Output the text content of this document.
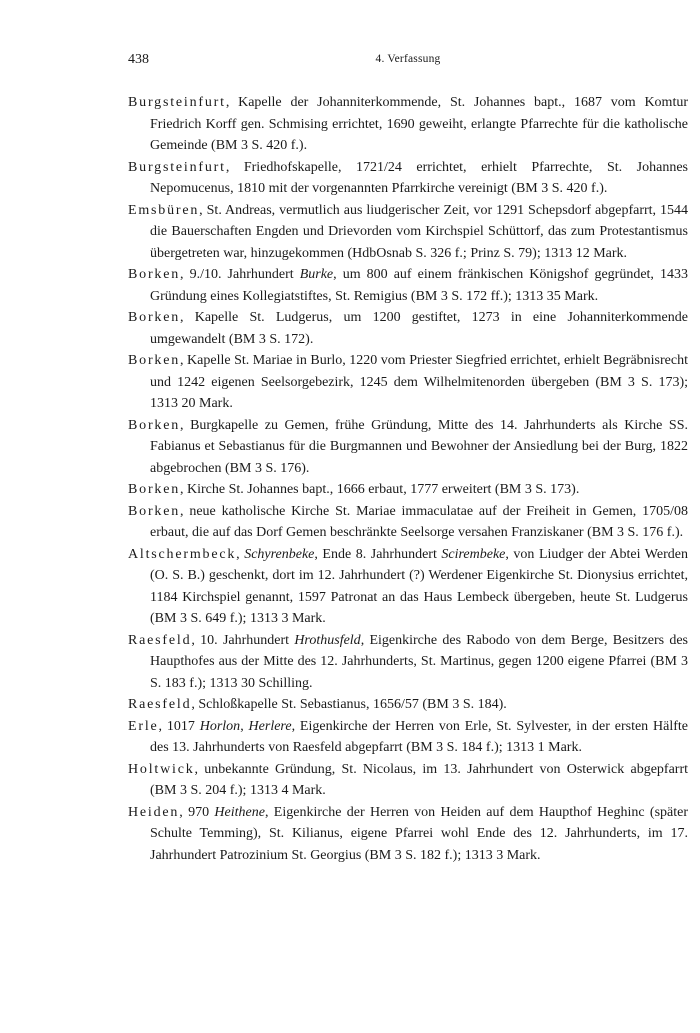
438	4. Verfassung

Burgsteinfurt, Kapelle der Johanniterkommende, St. Johannes bapt., 1687 vom Komtur Friedrich Korff gen. Schmising errichtet, 1690 geweiht, erlangte Pfarrechte für die katholische Gemeinde (BM 3 S. 420 f.).

Burgsteinfurt, Friedhofskapelle, 1721/24 errichtet, erhielt Pfarrechte, St. Johannes Nepomucenus, 1810 mit der vorgenannten Pfarrkirche vereinigt (BM 3 S. 420 f.).

Emsbüren, St. Andreas, vermutlich aus liudgerischer Zeit, vor 1291 Schepsdorf abgepfarrt, 1544 die Bauerschaften Engden und Drievorden vom Kirchspiel Schüttorf, das zum Protestantismus übergetreten war, hinzugekommen (HdbOsnab S. 326 f.; Prinz S. 79); 1313 12 Mark.

Borken, 9./10. Jahrhundert Burke, um 800 auf einem fränkischen Königshof gegründet, 1433 Gründung eines Kollegiatstiftes, St. Remigius (BM 3 S. 172 ff.); 1313 35 Mark.

Borken, Kapelle St. Ludgerus, um 1200 gestiftet, 1273 in eine Johanniterkommende umgewandelt (BM 3 S. 172).

Borken, Kapelle St. Mariae in Burlo, 1220 vom Priester Siegfried errichtet, erhielt Begräbnisrecht und 1242 eigenen Seelsorgebezirk, 1245 dem Wilhelmitenorden übergeben (BM 3 S. 173); 1313 20 Mark.

Borken, Burgkapelle zu Gemen, frühe Gründung, Mitte des 14. Jahrhunderts als Kirche SS. Fabianus et Sebastianus für die Burgmannen und Bewohner der Ansiedlung bei der Burg, 1822 abgebrochen (BM 3 S. 176).

Borken, Kirche St. Johannes bapt., 1666 erbaut, 1777 erweitert (BM 3 S. 173).

Borken, neue katholische Kirche St. Mariae immaculatae auf der Freiheit in Gemen, 1705/08 erbaut, die auf das Dorf Gemen beschränkte Seelsorge versahen Franziskaner (BM 3 S. 176 f.).

Altschermbeck, Schyrenbeke, Ende 8. Jahrhundert Scirembeke, von Liudger der Abtei Werden (O. S. B.) geschenkt, dort im 12. Jahrhundert (?) Werdener Eigenkirche St. Dionysius errichtet, 1184 Kirchspiel genannt, 1597 Patronat an das Haus Lembeck übergeben, heute St. Ludgerus (BM 3 S. 649 f.); 1313 3 Mark.

Raesfeld, 10. Jahrhundert Hrothusfeld, Eigenkirche des Rabodo von dem Berge, Besitzers des Haupthofes aus der Mitte des 12. Jahrhunderts, St. Martinus, gegen 1200 eigene Pfarrei (BM 3 S. 183 f.); 1313 30 Schilling.

Raesfeld, Schloßkapelle St. Sebastianus, 1656/57 (BM 3 S. 184).

Erle, 1017 Horlon, Herlere, Eigenkirche der Herren von Erle, St. Sylvester, in der ersten Hälfte des 13. Jahrhunderts von Raesfeld abgepfarrt (BM 3 S. 184 f.); 1313 1 Mark.

Holtwick, unbekannte Gründung, St. Nicolaus, im 13. Jahrhundert von Osterwick abgepfarrt (BM 3 S. 204 f.); 1313 4 Mark.

Heiden, 970 Heithene, Eigenkirche der Herren von Heiden auf dem Haupthof Heghinc (später Schulte Temming), St. Kilianus, eigene Pfarrei wohl Ende des 12. Jahrhunderts, im 17. Jahrhundert Patrozinium St. Georgius (BM 3 S. 182 f.); 1313 3 Mark.
